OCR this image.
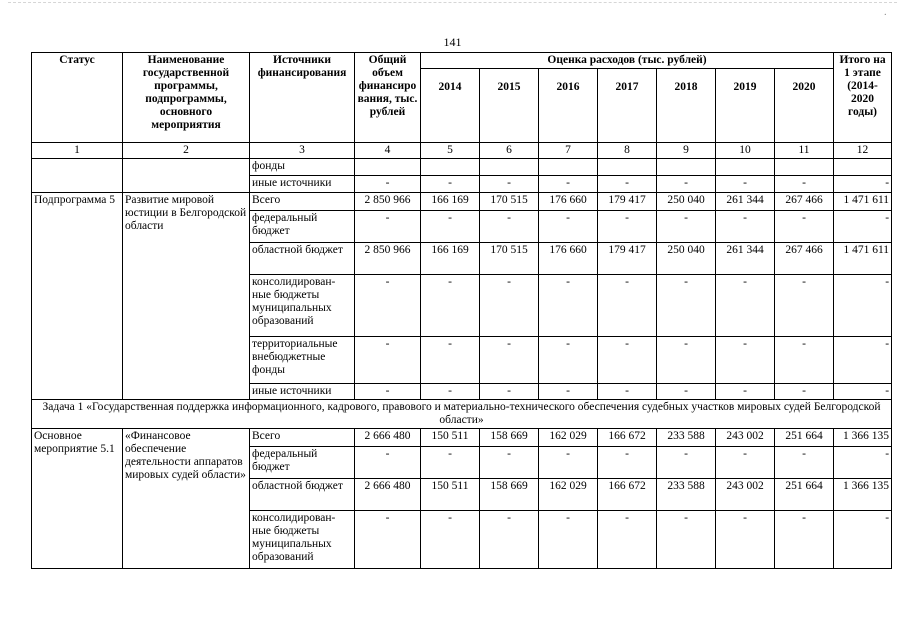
·
141
Статус	Наименование государственной программы, подпрограммы, основного мероприятия	Источники финансирования	Общий объем финансиро вания, тыс. рублей	Оценка расходов (тыс. рублей)							Итого на 1 этапе (2014-2020 годы)
				2014	2015	2016	2017	2018	2019	2020	
1	2	3	4	5	6	7	8	9	10	11	12
		фонды									
		иные источники	-	-	-	-	-	-	-	-	-
Подпрограмма 5	Развитие мировой юстиции в Белгородской области	Всего	2 850 966	166 169	170 515	176 660	179 417	250 040	261 344	267 466	1 471 611
		федеральный бюджет	-	-	-	-	-	-	-	-	-
		областной бюджет	2 850 966	166 169	170 515	176 660	179 417	250 040	261 344	267 466	1 471 611
		консолидирован-ные бюджеты муниципальных образований	-	-	-	-	-	-	-	-	-
		территориальные внебюджетные фонды	-	-	-	-	-	-	-	-	-
		иные источники	-	-	-	-	-	-	-	-	-
Задача 1 «Государственная поддержка информационного, кадрового, правового и материально-технического обеспечения судебных участков мировых судей Белгородской области»											
Основное мероприятие 5.1	«Финансовое обеспечение деятельности аппаратов мировых судей области»	Всего	2 666 480	150 511	158 669	162 029	166 672	233 588	243 002	251 664	1 366 135
		федеральный бюджет	-	-	-	-	-	-	-	-	-
		областной бюджет	2 666 480	150 511	158 669	162 029	166 672	233 588	243 002	251 664	1 366 135
		консолидирован-ные бюджеты муниципальных образований	-	-	-	-	-	-	-	-	-
